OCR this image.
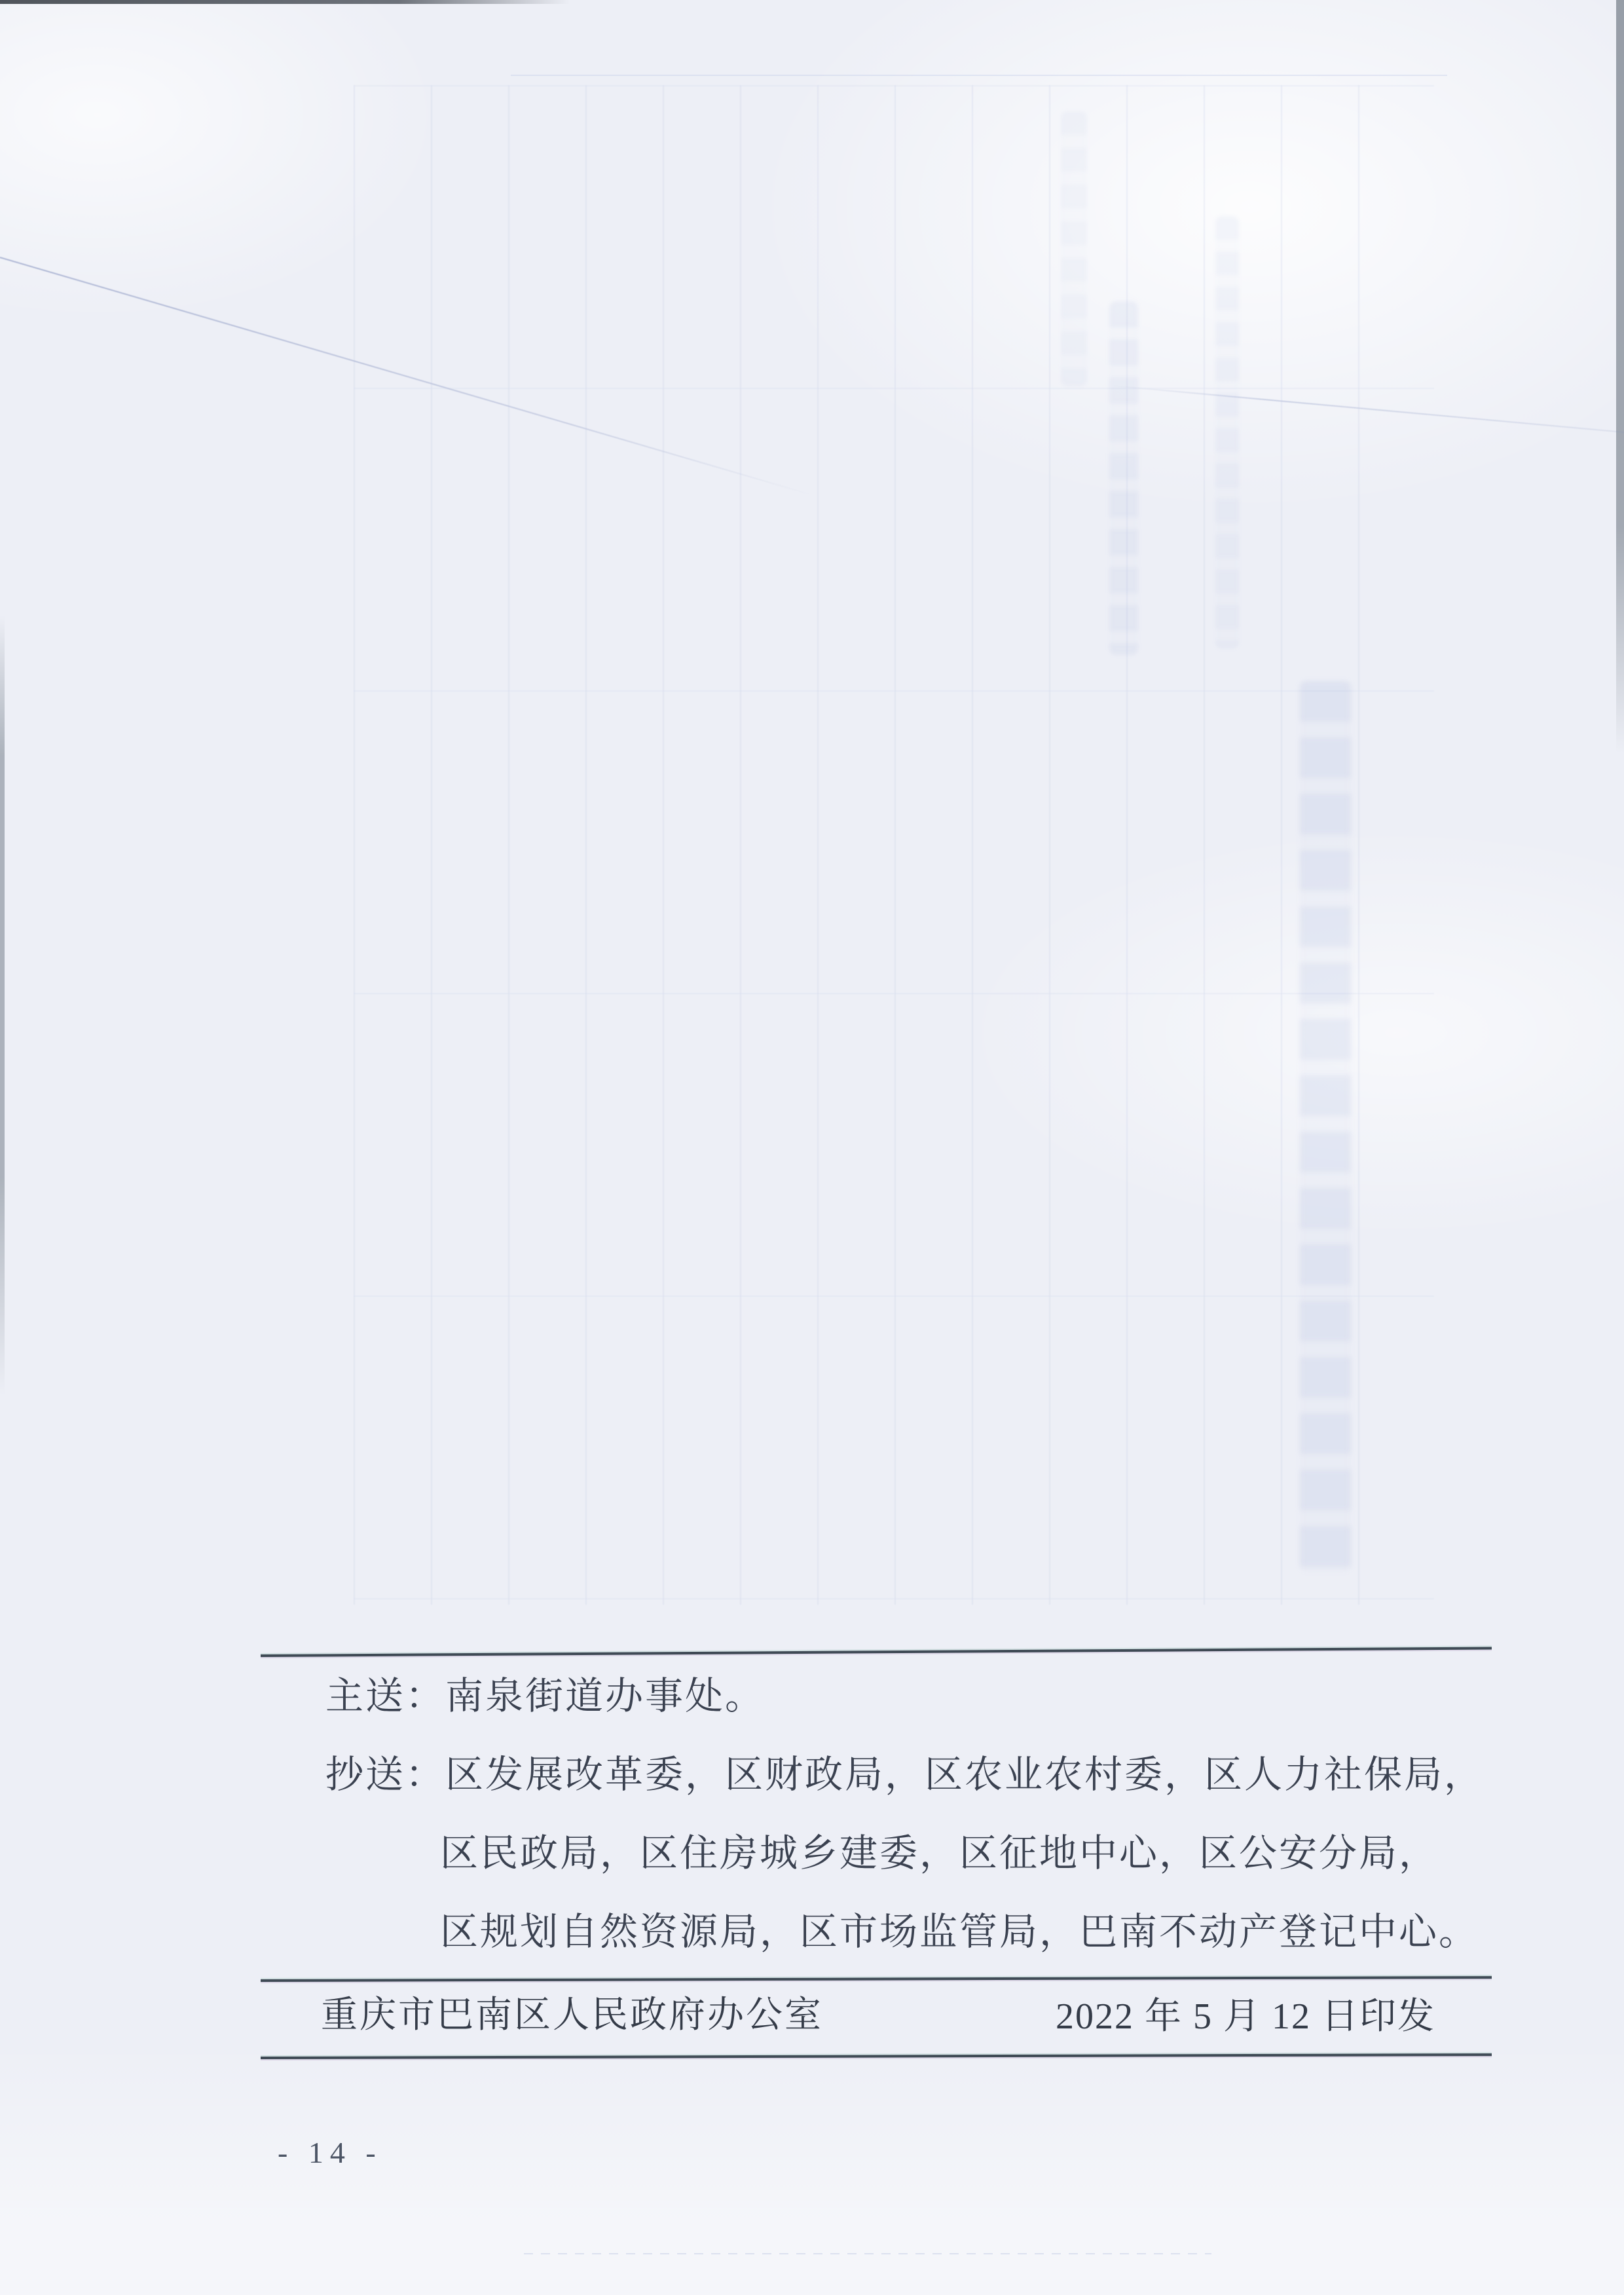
主送：南泉街道办事处。
抄送：区发展改革委，区财政局，区农业农村委，区人力社保局，
区民政局，区住房城乡建委，区征地中心，区公安分局，
区规划自然资源局，区市场监管局，巴南不动产登记中心。
重庆市巴南区人民政府办公室	2022 年 5 月 12 日印发
- 14 -
